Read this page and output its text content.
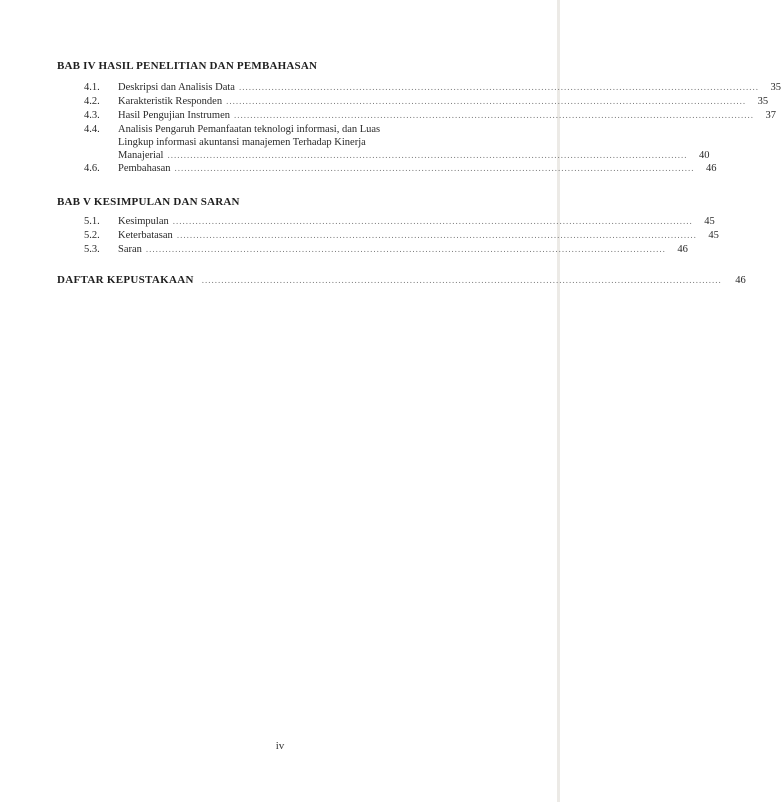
BAB IV HASIL PENELITIAN DAN PEMBAHASAN
4.1.	Deskripsi dan Analisis Data ................................................................................................................................................................	35
4.2.	Karakteristik Responden ................................................................................................................................................................	35
4.3.	Hasil Pengujian Instrumen ................................................................................................................................................................	37
4.4. Analisis Pengaruh Pemanfaatan teknologi informasi, dan Luas
Lingkup informasi akuntansi manajemen Terhadap Kinerja
Manajerial ................................................................................................................................................................	40
4.6.	Pembahasan ................................................................................................................................................................	46
BAB V KESIMPULAN DAN SARAN
5.1.	Kesimpulan ................................................................................................................................................................	45
5.2.	Keterbatasan ................................................................................................................................................................	45
5.3.	Saran ................................................................................................................................................................	46
DAFTAR KEPUSTAKAAN ................................................................................................................................................................	46
iv
